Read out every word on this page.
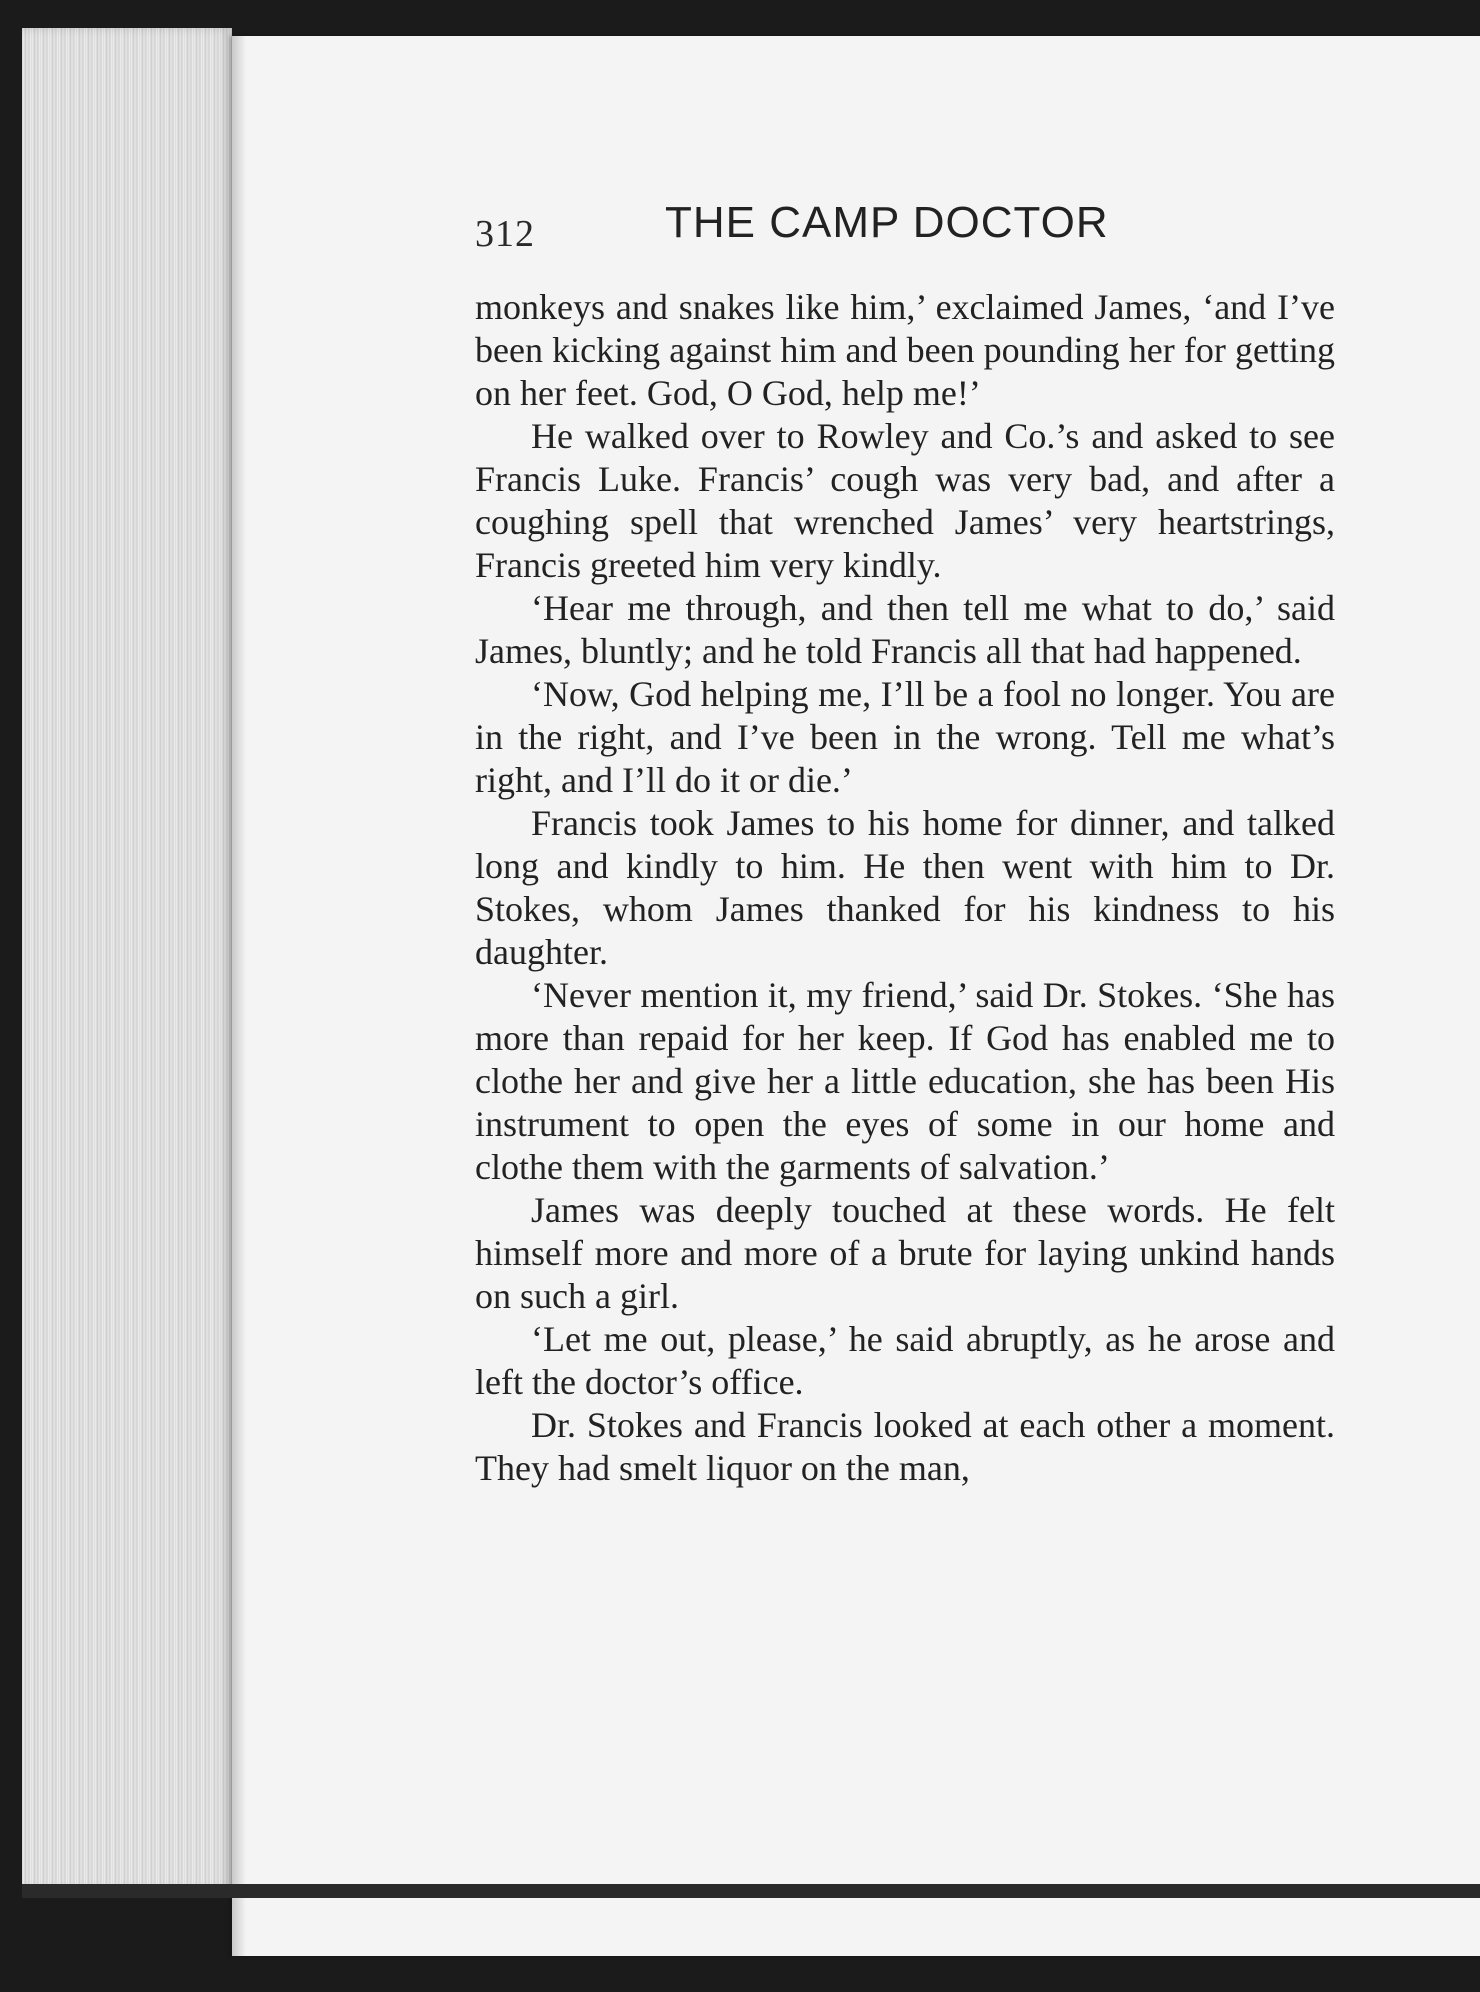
312	THE CAMP DOCTOR

monkeys and snakes like him,’ exclaimed James, ‘and I’ve been kicking against him and been pounding her for getting on her feet. God, O God, help me!’

He walked over to Rowley and Co.’s and asked to see Francis Luke. Francis’ cough was very bad, and after a coughing spell that wrenched James’ very heartstrings, Francis greeted him very kindly.

‘Hear me through, and then tell me what to do,’ said James, bluntly; and he told Francis all that had happened.

‘Now, God helping me, I’ll be a fool no longer. You are in the right, and I’ve been in the wrong. Tell me what’s right, and I’ll do it or die.’

Francis took James to his home for dinner, and talked long and kindly to him. He then went with him to Dr. Stokes, whom James thanked for his kindness to his daughter.

‘Never mention it, my friend,’ said Dr. Stokes. ‘She has more than repaid for her keep. If God has enabled me to clothe her and give her a little education, she has been His instrument to open the eyes of some in our home and clothe them with the garments of salvation.’

James was deeply touched at these words. He felt himself more and more of a brute for laying unkind hands on such a girl.

‘Let me out, please,’ he said abruptly, as he arose and left the doctor’s office.

Dr. Stokes and Francis looked at each other a moment. They had smelt liquor on the man,
